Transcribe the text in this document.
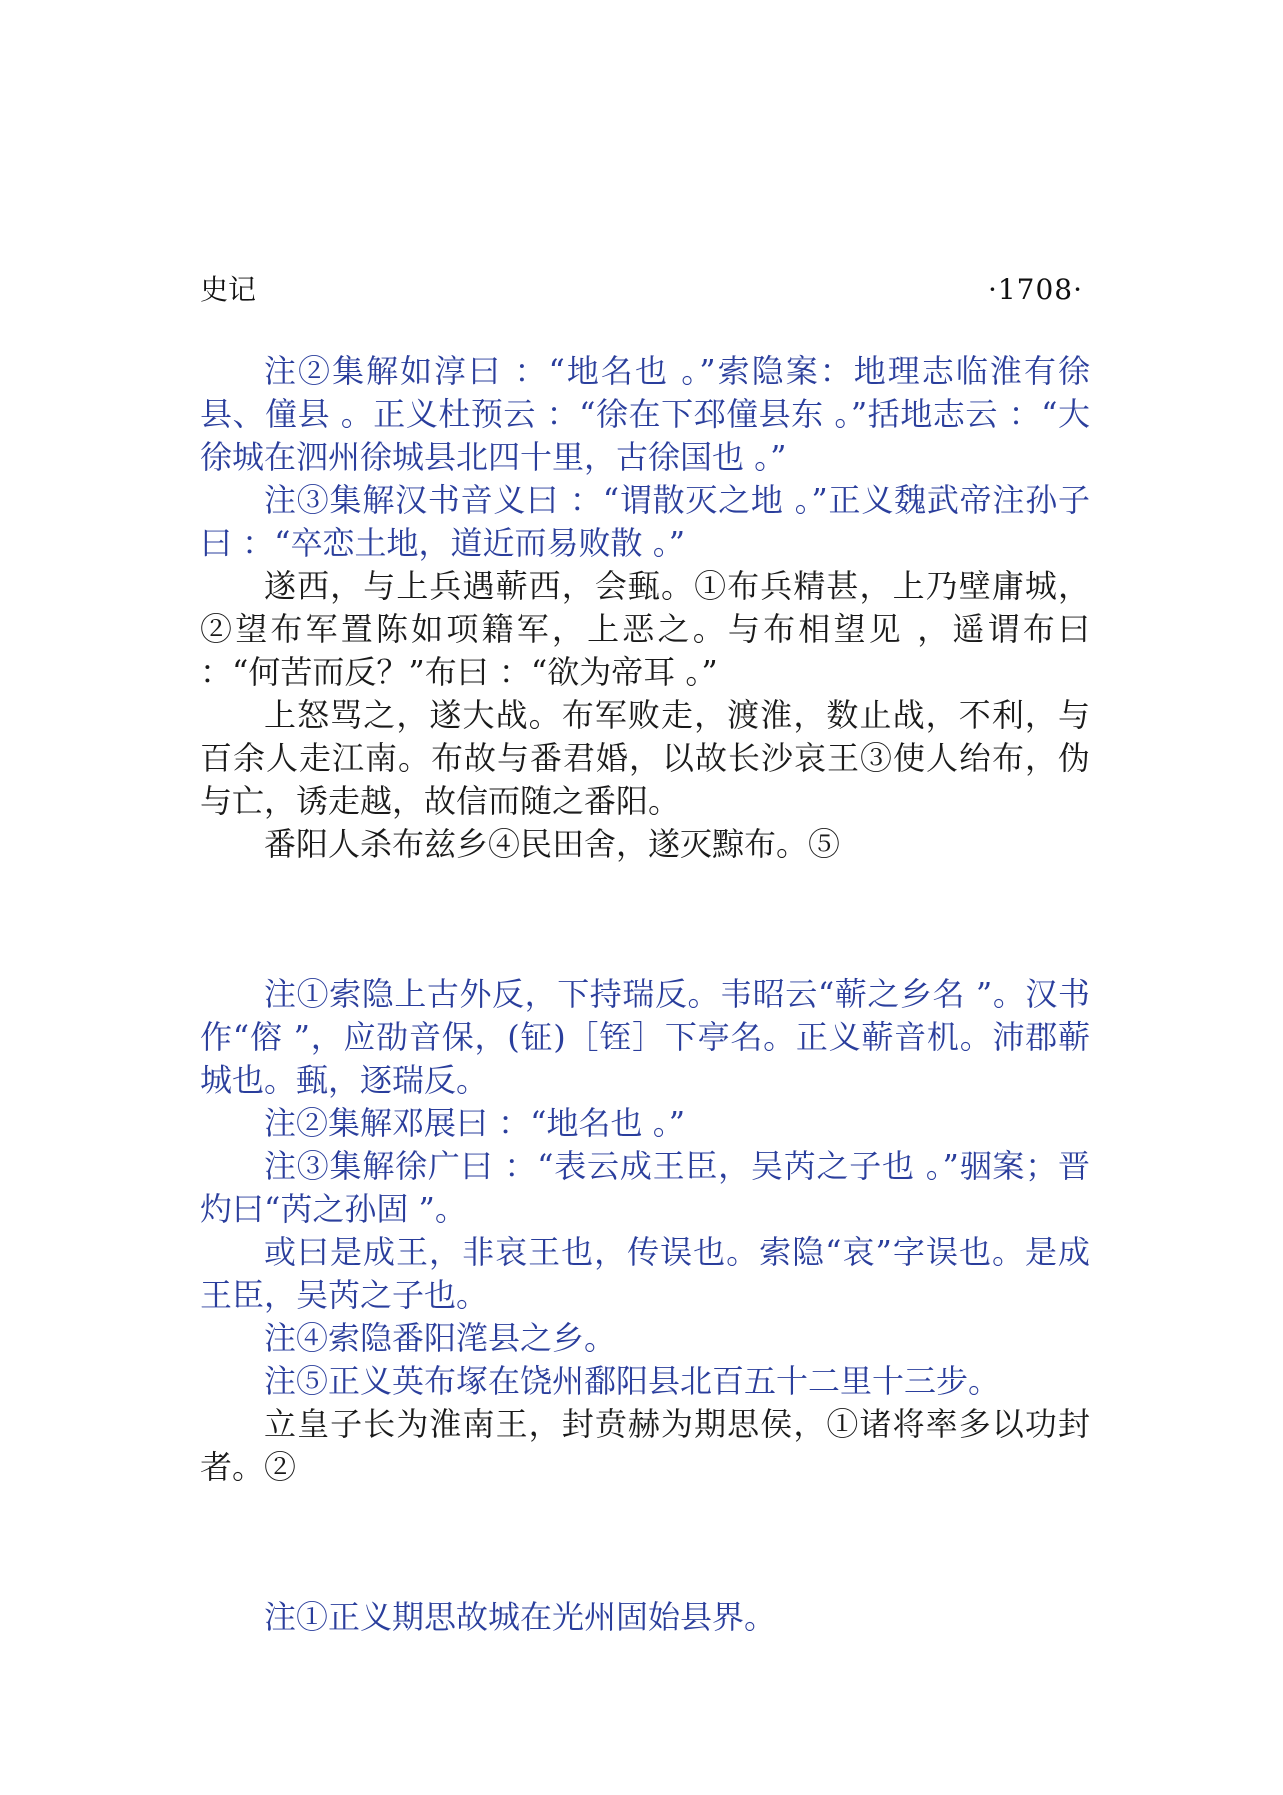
史记	·1708·

注②集解如淳曰 ：“地名也 。”索隐案：地理志临淮有徐县、僮县 。正义杜预云 ：“徐在下邳僮县东 。”括地志云 ：“大徐城在泗州徐城县北四十里，古徐国也 。”

注③集解汉书音义曰 ：“谓散灭之地 。”正义魏武帝注孙子曰 ：“卒恋土地，道近而易败散 。”

遂西，与上兵遇蕲西，会甀。①布兵精甚，上乃壁庸城，②望布军置陈如项籍军，上恶之。与布相望见 ，遥谓布曰 ：“何苦而反？”布曰 ：“欲为帝耳 。”

上怒骂之，遂大战。布军败走，渡淮，数止战，不利，与百余人走江南。布故与番君婚，以故长沙哀王③使人绐布，伪与亡，诱走越，故信而随之番阳。

番阳人杀布兹乡④民田舍，遂灭黥布。⑤

注①索隐上古外反，下持瑞反。韦昭云“蕲之乡名 ”。汉书作“傛 ”，应劭音保，(钲)［铚］下亭名。正义蕲音机。沛郡蕲城也。甀，逐瑞反。

注②集解邓展曰 ：“地名也 。”

注③集解徐广曰 ：“表云成王臣，吴芮之子也 。”骃案；晋灼曰“芮之孙固 ”。

或曰是成王，非哀王也，传误也。索隐“哀”字误也。是成王臣，吴芮之子也。

注④索隐番阳滗县之乡。

注⑤正义英布塚在饶州鄱阳县北百五十二里十三步。

立皇子长为淮南王，封贲赫为期思侯，①诸将率多以功封者。②

注①正义期思故城在光州固始县界。
